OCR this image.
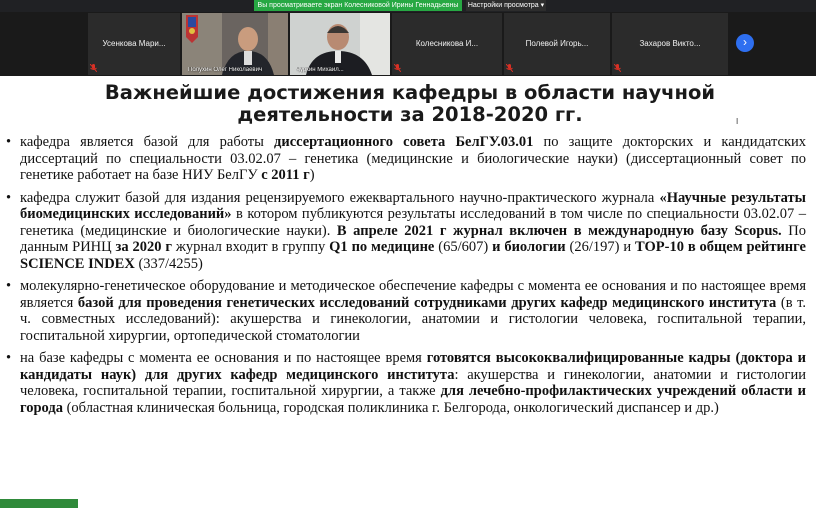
Вы просматриваете экран Колесниковой Ирины Геннадьевны	Настройки просмотра ▾
Усенкова Мари...
Полухин Олег Николаевич	Чуркин Михаил...
Колесникова И...	Полевой Игорь...	Захаров Викто...	›
Важнейшие достижения кафедры в области научной
деятельности за 2018-2020 гг.	I
• кафедра является базой для работы диссертационного совета БелГУ.03.01 по защите докторских и кандидатских диссертаций по специальности 03.02.07 – генетика (медицинские и биологические науки) (диссертационный совет по генетике работает на базе НИУ БелГУ с 2011 г)
• кафедра служит базой для издания рецензируемого ежеквартального научно-практического журнала «Научные результаты биомедицинских исследований» в котором публикуются результаты исследований в том числе по специальности 03.02.07 – генетика (медицинские и биологические науки). В апреле 2021 г журнал включен в международную базу Scopus. По данным РИНЦ за 2020 г журнал входит в группу Q1 по медицине (65/607) и биологии (26/197) и ТОР-10 в общем рейтинге SCIENCE INDEX (337/4255)
• молекулярно-генетическое оборудование и методическое обеспечение кафедры с момента ее основания и по настоящее время является базой для проведения генетических исследований сотрудниками других кафедр медицинского института (в т. ч. совместных исследований): акушерства и гинекологии, анатомии и гистологии человека, госпитальной терапии, госпитальной хирургии, ортопедической стоматологии
• на базе кафедры с момента ее основания и по настоящее время готовятся высококвалифицированные кадры (доктора и кандидаты наук) для других кафедр медицинского института: акушерства и гинекологии, анатомии и гистологии человека, госпитальной терапии, госпитальной хирургии, а также для лечебно-профилактических учреждений области и города (областная клиническая больница, городская поликлиника г. Белгорода, онкологический диспансер и др.)
